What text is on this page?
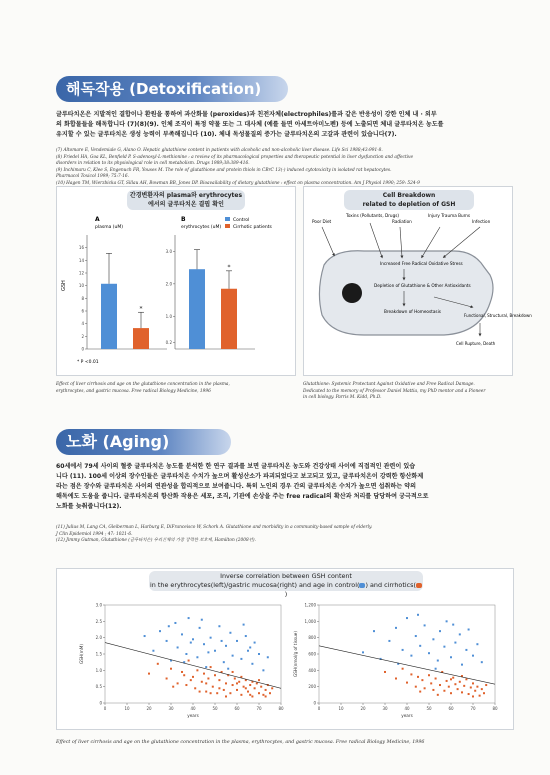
해독작용 (Detoxification)
글루타치온은 지발적인 결합이나 환원을 통하여 과산화물 (peroxides)과 친전자체(electrophiles)를과 같은 반응성이 강한 인체 내 · 외부
의 화합물들을 해독합니다 (7)(8)(9). 인체 조직이 특정 약물 또는 그 대사체 (예를 들면 아세트아미노펜) 등에 노출되면 체내 글루타치온 농도를
유지할 수 있는 글루타치온 생성 능력이 부족해집니다 (10). 체내 독성물질의 증가는 글루타치온의 고갈과 관련이 있습니다(7).
(7) Altomare E, Vendemiale G, Alano O. Hepatic glutathione content in patients with alcoholic and non-alcoholic liver disease. Life Sci 1988;43:991-8.
(8) Friedel HA, Goa KL, Benfield P. S-adenosyl-L-methionine : a review of its pharmacological properties and therapeutic potential in liver dysfunction and affective
disorders in relation to its physiological role in cell metabolism. Drugs 1989;38:389-416.
(9) Inchimaru C, Klee S, Engenuch FR, Youses M. The role of glutathione and protein thiols in CBrC 13(-) induced cytotoxicity in isolated rat hepatocytes.
Pharmacol Toxicol 1999; 75:7-16.
(10) Hagen TM, Wierzbicka GT, Sillau AH, Bowman BB, Jones DP. Bioavailability of dietary glutathione : effect on plasma concentration. Am J Physiol 1990; 259: 524-9
간경변환자의 plasma와 erythrocytes
에서의 글루타치온 결핍 확인
A
plasma (uM)
B
erythrocytes (uM)
GSH
Control
Cirrhotic patients
0
2
4
6
8
10
12
14
16
*
0.2
1.0
2.0
3.0
*
* P <0.01
Cell Breakdown
related to depletion of GSH
Poor Diet
Toxins (Pollutants, Drugs)
Radiation
Injury Trauma Burns
Infection
Increased Free Radical Oxidative Stress
Depletion of Glutathione & Other Antioxidants
Breakdown of Homeostasis
Functional, Structural, Breakdown
Cell Rupture, Death
Effect of liver cirrhosis and age on the glutathione concentration in the plasma,
erythrocytes, and gastric mucosa. Free radical Biology Medicine, 1996
Glutathione: Systemic Protectant Against Oxidative and Free Radical Damage.
Dedicated to the memory of Professor Daniel Mattia, my PhD mentor and a Pioneer
in cell biology. Parris M. Kidd, Ph.D.
노화 (Aging)
60세에서 79세 사이의 혈중 글루타치온 농도를 분석한 한 연구 결과를 보면 글루타치온 농도와 건강상태 사이에 직접적인 관련이 있습
니다 (11). 100세 이상의 장수인들은 글루타치온 수치가 높으며 활성산소가 파괴되었다고 보고되고 있고, 글루타치온이 강력한 항산화제
라는 점은 장수와 글루타치온 사이의 연관성을 합리적으로 보여줍니다. 특히 노인의 경우 간의 글루타치온 수치가 높으면 섭취하는 약의
해독에도 도움을 줍니다. 글루타치온의 항산화 작용은 세포, 조직, 기관에 손상을 주는 free radical의 확산과 처리를 담당하여 궁극적으로
노화를 늦춰줍니다(12).
(11) Julius M, Lang CA, Gleiberman L, Harburg E, DiFranceisco W, Schork A. Glutathione and morbidity in a community-based sample of elderly.
J Clin Epidemiol 1994 ; 47: 1021-6.
(12) Jimmy Gutman, Glutathione (글루타치온) 우리신체의 가장 강력한 보호제, Hamilton (2008년).
Inverse correlation between GSH content
in the erythrocytes(left)/gastric mucosa(right) and age in control( ) and cirrhotics()
0
0.5
1.0
1.5
2.0
2.5
3.0
0	10	20	30	40	50	60	70	80
years
GSH(mM)
0
200
400
600
800
1,000
1,200
0	10	20	30	40	50	60	70	80
years
GSH(nmol/g of tissue)
Effect of liver cirrhosis and age on the glutathione concentration in the plasma, erythrocytes, and gastric mucosa. Free radical Biology Medicine, 1996
